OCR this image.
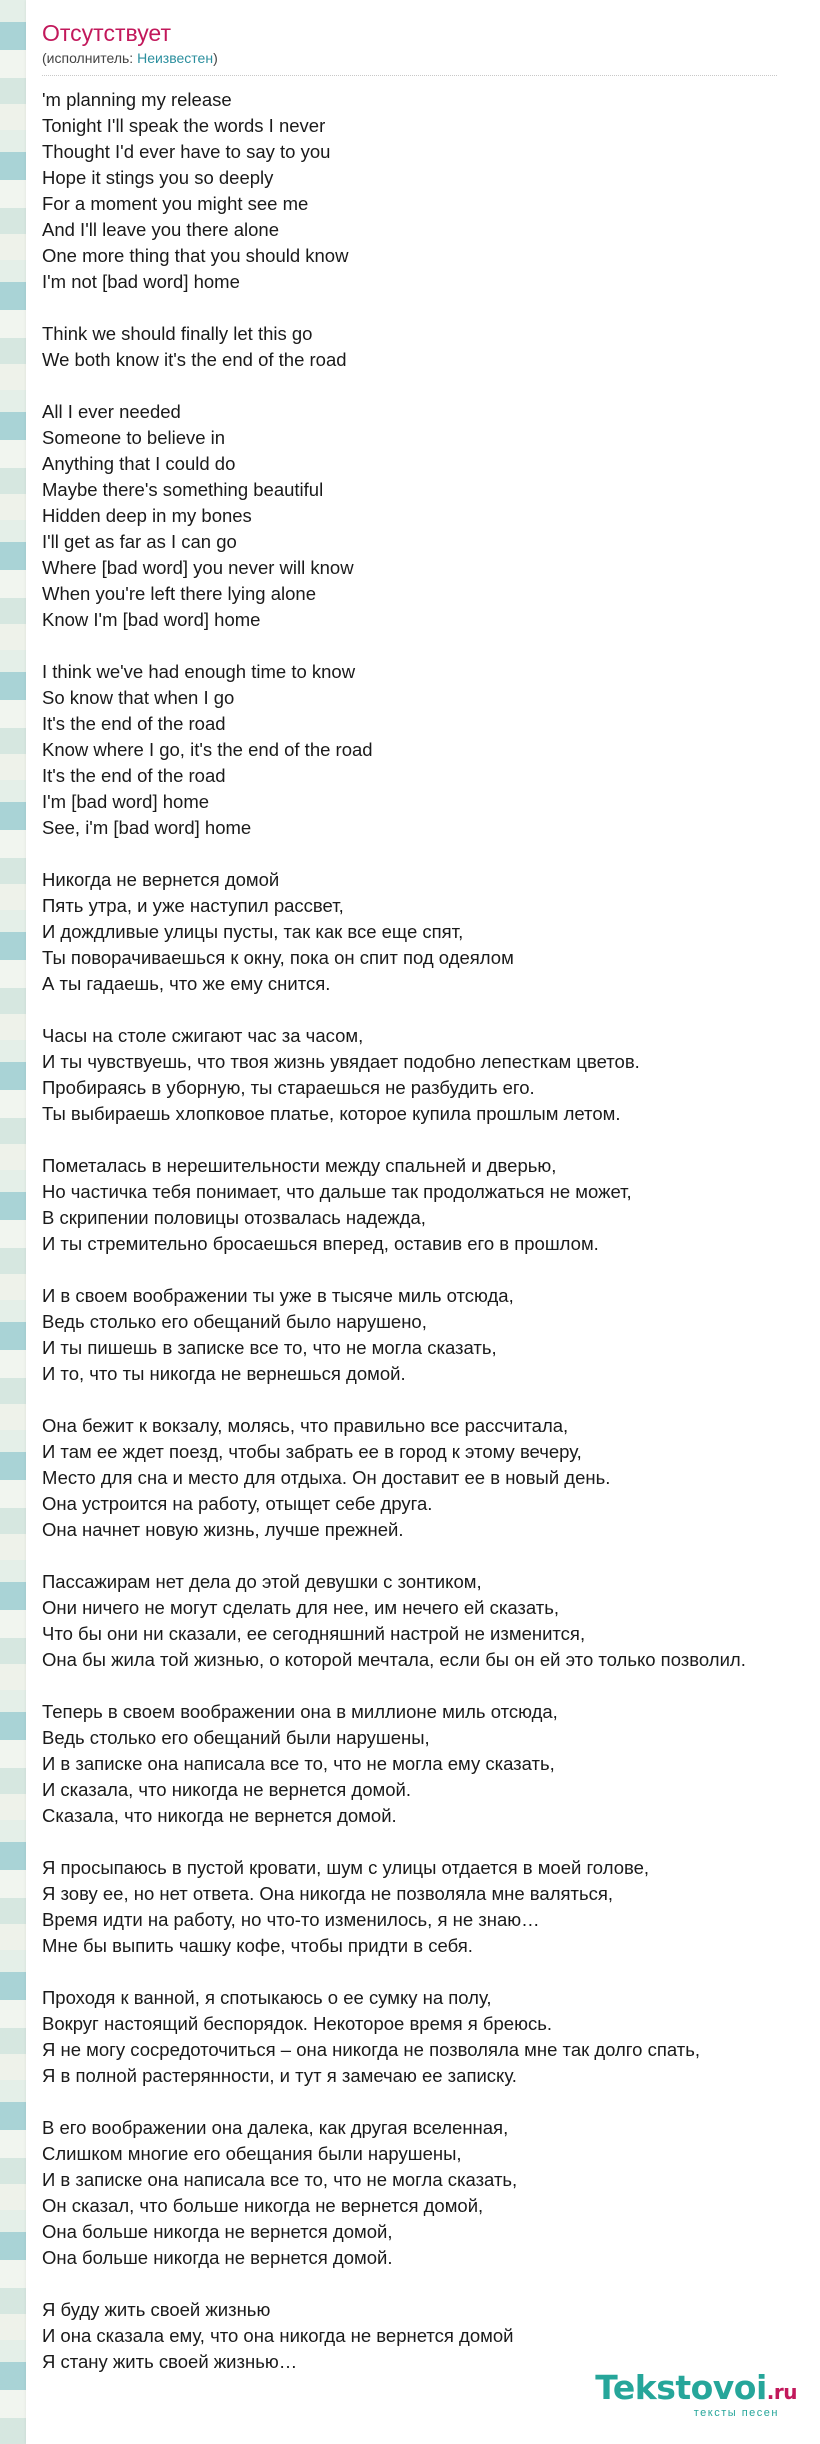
Отсутствует
(исполнитель: Неизвестен)
'm planning my release
Tonight I'll speak the words I never
Thought I'd ever have to say to you
Hope it stings you so deeply
For a moment you might see me
And I'll leave you there alone
One more thing that you should know
I'm not [bad word] home
Think we should finally let this go
We both know it's the end of the road
All I ever needed
Someone to believe in
Anything that I could do
Maybe there's something beautiful
Hidden deep in my bones
I'll get as far as I can go
Where [bad word] you never will know
When you're left there lying alone
Know I'm [bad word] home
I think we've had enough time to know
So know that when I go
It's the end of the road
Know where I go, it's the end of the road
It's the end of the road
I'm [bad word] home
See, i'm [bad word] home
Никогда не вернется домой
Пять утра, и уже наступил рассвет,
И дождливые улицы пусты, так как все еще спят,
Ты поворачиваешься к окну, пока он спит под одеялом
А ты гадаешь, что же ему снится.
Часы на столе сжигают час за часом,
И ты чувствуешь, что твоя жизнь увядает подобно лепесткам цветов.
Пробираясь в уборную, ты стараешься не разбудить его.
Ты выбираешь хлопковое платье, которое купила прошлым летом.
Пометалась в нерешительности между спальней и дверью,
Но частичка тебя понимает, что дальше так продолжаться не может,
В скрипении половицы отозвалась надежда,
И ты стремительно бросаешься вперед, оставив его в прошлом.
И в своем воображении ты уже в тысяче миль отсюда,
Ведь столько его обещаний было нарушено,
И ты пишешь в записке все то, что не могла сказать,
И то, что ты никогда не вернешься домой.
Она бежит к вокзалу, молясь, что правильно все рассчитала,
И там ее ждет поезд, чтобы забрать ее в город к этому вечеру,
Место для сна и место для отдыха. Он доставит ее в новый день.
Она устроится на работу, отыщет себе друга.
Она начнет новую жизнь, лучше прежней.
Пассажирам нет дела до этой девушки с зонтиком,
Они ничего не могут сделать для нее, им нечего ей сказать,
Что бы они ни сказали, ее сегодняшний настрой не изменится,
Она бы жила той жизнью, о которой мечтала, если бы он ей это только позволил.
Теперь в своем воображении она в миллионе миль отсюда,
Ведь столько его обещаний были нарушены,
И в записке она написала все то, что не могла ему сказать,
И сказала, что никогда не вернется домой.
Сказала, что никогда не вернется домой.
Я просыпаюсь в пустой кровати, шум с улицы отдается в моей голове,
Я зову ее, но нет ответа. Она никогда не позволяла мне валяться,
Время идти на работу, но что-то изменилось, я не знаю…
Мне бы выпить чашку кофе, чтобы придти в себя.
Проходя к ванной, я спотыкаюсь о ее сумку на полу,
Вокруг настоящий беспорядок. Некоторое время я бреюсь.
Я не могу сосредоточиться – она никогда не позволяла мне так долго спать,
Я в полной растерянности, и тут я замечаю ее записку.
В его воображении она далека, как другая вселенная,
Слишком многие его обещания были нарушены,
И в записке она написала все то, что не могла сказать,
Он сказал, что больше никогда не вернется домой,
Она больше никогда не вернется домой,
Она больше никогда не вернется домой.
Я буду жить своей жизнью
И она сказала ему, что она никогда не вернется домой
Я стану жить своей жизнью…
Tekstovoi.ru
тексты песен
